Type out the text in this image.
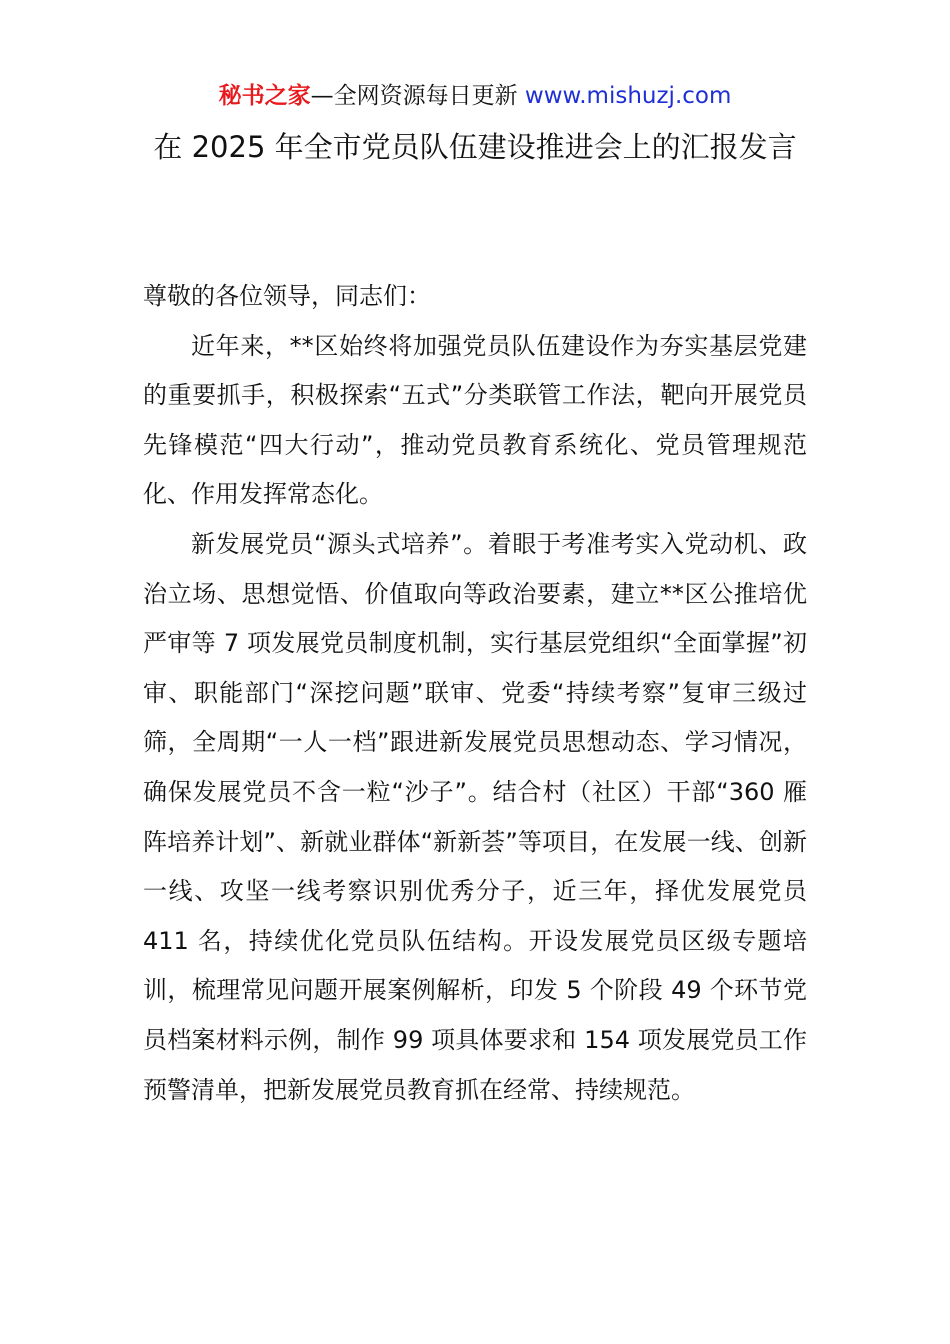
秘书之家—全网资源每日更新 www.mishuzj.com
在 2025 年全市党员队伍建设推进会上的汇报发言

尊敬的各位领导，同志们：

近年来，**区始终将加强党员队伍建设作为夯实基层党建的重要抓手，积极探索“五式”分类联管工作法，靶向开展党员先锋模范“四大行动”，推动党员教育系统化、党员管理规范化、作用发挥常态化。

新发展党员“源头式培养”。着眼于考准考实入党动机、政治立场、思想觉悟、价值取向等政治要素，建立**区公推培优严审等 7 项发展党员制度机制，实行基层党组织“全面掌握”初审、职能部门“深挖问题”联审、党委“持续考察”复审三级过筛，全周期“一人一档”跟进新发展党员思想动态、学习情况，确保发展党员不含一粒“沙子”。结合村（社区）干部“360 雁阵培养计划”、新就业群体“新新荟”等项目，在发展一线、创新一线、攻坚一线考察识别优秀分子，近三年，择优发展党员 411 名，持续优化党员队伍结构。开设发展党员区级专题培训，梳理常见问题开展案例解析，印发 5 个阶段 49 个环节党员档案材料示例，制作 99 项具体要求和 154 项发展党员工作预警清单，把新发展党员教育抓在经常、持续规范。
